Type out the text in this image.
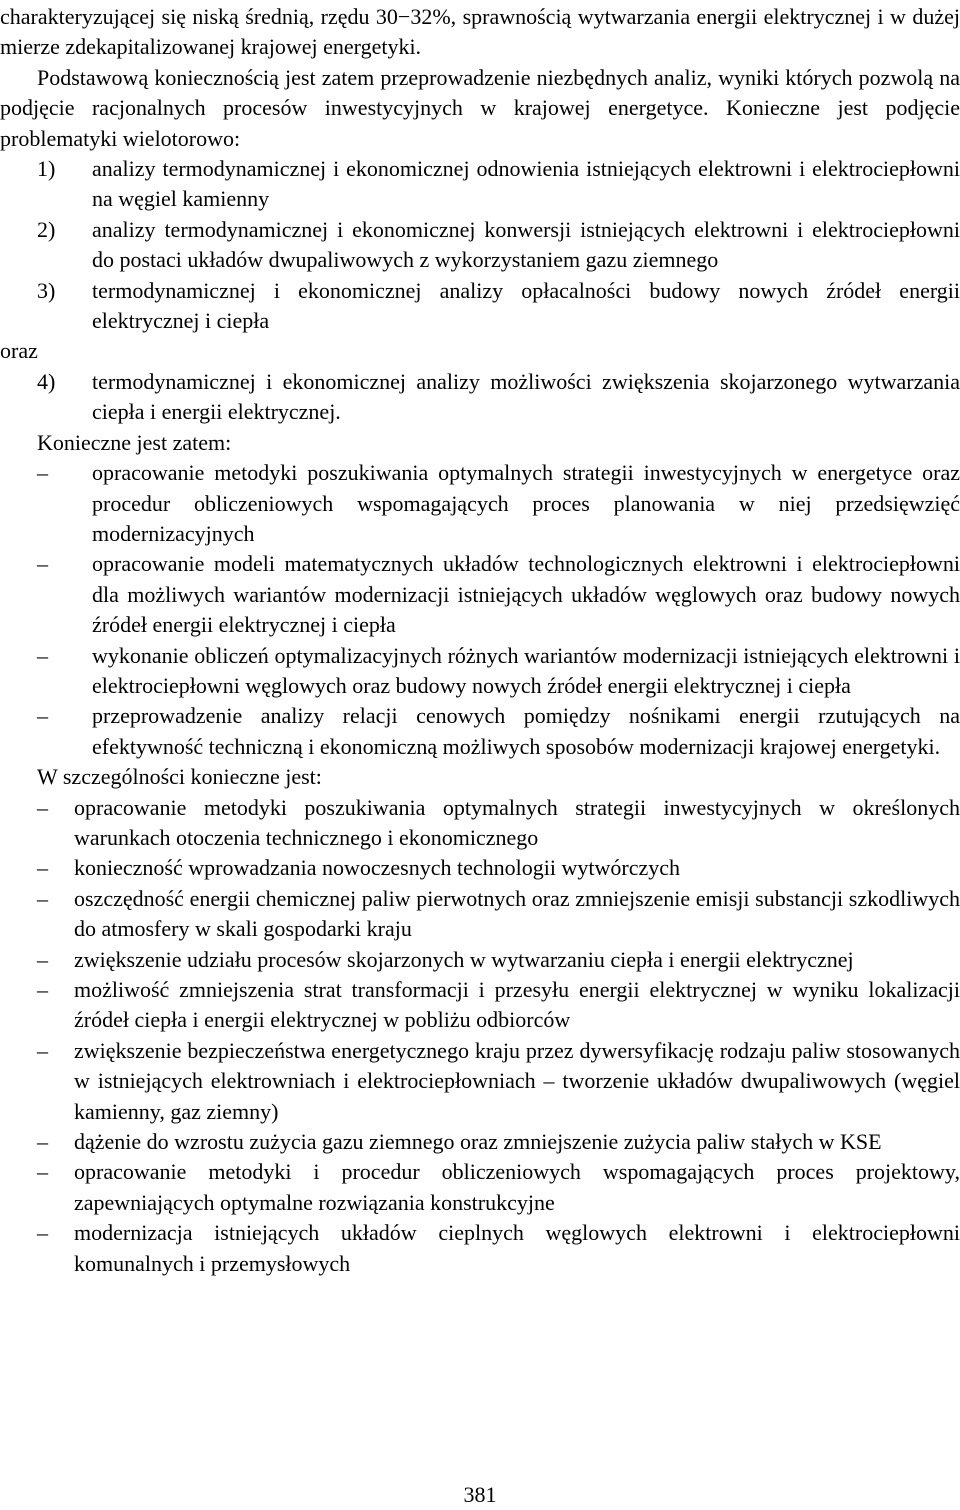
charakteryzującej się niską średnią, rzędu 30−32%, sprawnością wytwarzania energii elektrycznej i w dużej mierze zdekapitalizowanej krajowej energetyki.

Podstawową koniecznością jest zatem przeprowadzenie niezbędnych analiz, wyniki których pozwolą na podjęcie racjonalnych procesów inwestycyjnych w krajowej energetyce. Konieczne jest podjęcie problematyki wielotorowo:

1) analizy termodynamicznej i ekonomicznej odnowienia istniejących elektrowni i elektrociepłowni na węgiel kamienny
2) analizy termodynamicznej i ekonomicznej konwersji istniejących elektrowni i elektrociepłowni do postaci układów dwupaliwowych z wykorzystaniem gazu ziemnego
3) termodynamicznej i ekonomicznej analizy opłacalności budowy nowych źródeł energii elektrycznej i ciepła

oraz

4) termodynamicznej i ekonomicznej analizy możliwości zwiększenia skojarzonego wytwarzania ciepła i energii elektrycznej.

Konieczne jest zatem:

– opracowanie metodyki poszukiwania optymalnych strategii inwestycyjnych w energetyce oraz procedur obliczeniowych wspomagających proces planowania w niej przedsięwzięć modernizacyjnych
– opracowanie modeli matematycznych układów technologicznych elektrowni i elektrociepłowni dla możliwych wariantów modernizacji istniejących układów węglowych oraz budowy nowych źródeł energii elektrycznej i ciepła
– wykonanie obliczeń optymalizacyjnych różnych wariantów modernizacji istniejących elektrowni i elektrociepłowni węglowych oraz budowy nowych źródeł energii elektrycznej i ciepła
– przeprowadzenie analizy relacji cenowych pomiędzy nośnikami energii rzutujących na efektywność techniczną i ekonomiczną możliwych sposobów modernizacji krajowej energetyki.

W szczególności konieczne jest:

– opracowanie metodyki poszukiwania optymalnych strategii inwestycyjnych w określonych warunkach otoczenia technicznego i ekonomicznego
– konieczność wprowadzania nowoczesnych technologii wytwórczych
– oszczędność energii chemicznej paliw pierwotnych oraz zmniejszenie emisji substancji szkodliwych do atmosfery w skali gospodarki kraju
– zwiększenie udziału procesów skojarzonych w wytwarzaniu ciepła i energii elektrycznej
– możliwość zmniejszenia strat transformacji i przesyłu energii elektrycznej w wyniku lokalizacji źródeł ciepła i energii elektrycznej w pobliżu odbiorców
– zwiększenie bezpieczeństwa energetycznego kraju przez dywersyfikację rodzaju paliw stosowanych w istniejących elektrowniach i elektrociepłowniach – tworzenie układów dwupaliwowych (węgiel kamienny, gaz ziemny)
– dążenie do wzrostu zużycia gazu ziemnego oraz zmniejszenie zużycia paliw stałych w KSE
– opracowanie metodyki i procedur obliczeniowych wspomagających proces projektowy, zapewniających optymalne rozwiązania konstrukcyjne
– modernizacja istniejących układów cieplnych węglowych elektrowni i elektrociepłowni komunalnych i przemysłowych
381
